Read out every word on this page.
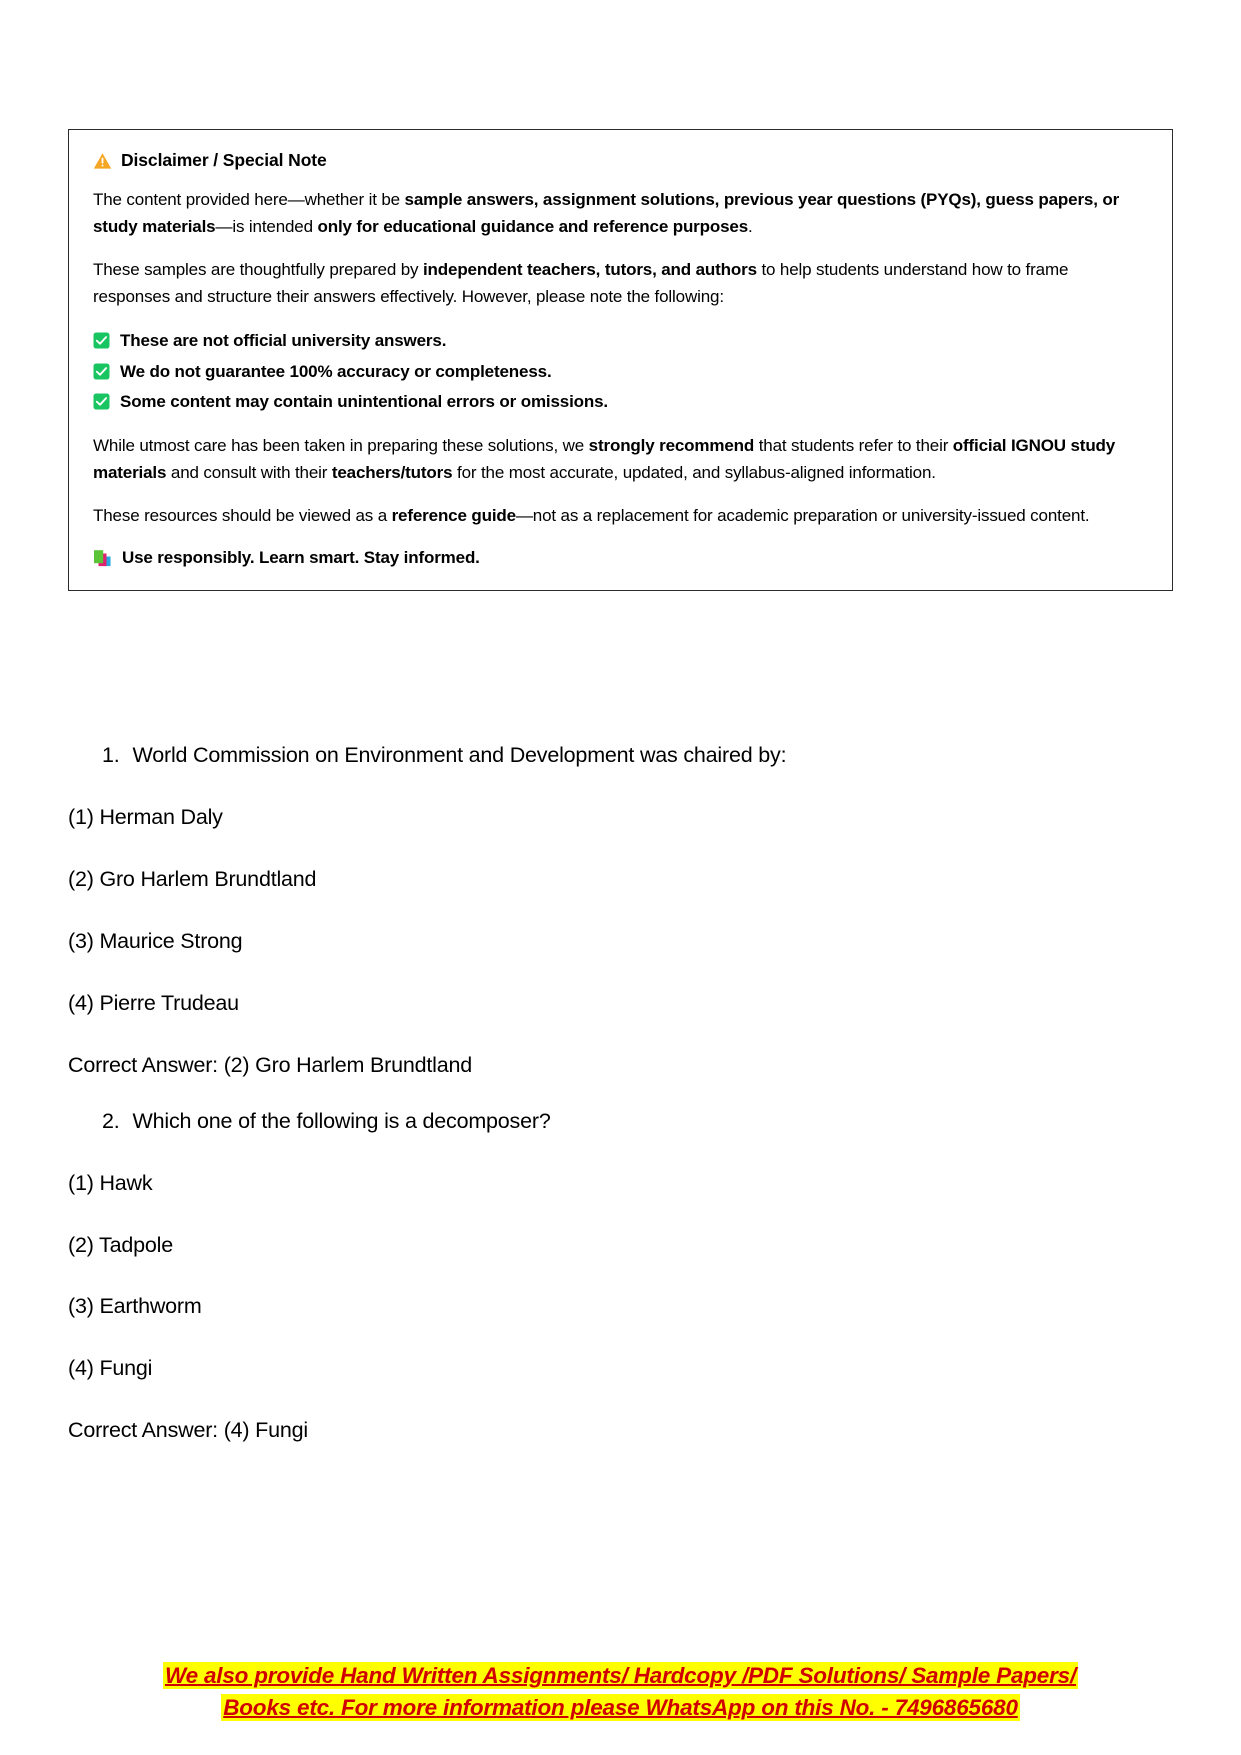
Disclaimer / Special Note

The content provided here—whether it be sample answers, assignment solutions, previous year questions (PYQs), guess papers, or study materials—is intended only for educational guidance and reference purposes.

These samples are thoughtfully prepared by independent teachers, tutors, and authors to help students understand how to frame responses and structure their answers effectively. However, please note the following:

These are not official university answers.
We do not guarantee 100% accuracy or completeness.
Some content may contain unintentional errors or omissions.

While utmost care has been taken in preparing these solutions, we strongly recommend that students refer to their official IGNOU study materials and consult with their teachers/tutors for the most accurate, updated, and syllabus-aligned information.

These resources should be viewed as a reference guide—not as a replacement for academic preparation or university-issued content.

Use responsibly. Learn smart. Stay informed.
1. World Commission on Environment and Development was chaired by:
(1) Herman Daly
(2) Gro Harlem Brundtland
(3) Maurice Strong
(4) Pierre Trudeau
Correct Answer: (2) Gro Harlem Brundtland
2. Which one of the following is a decomposer?
(1) Hawk
(2) Tadpole
(3) Earthworm
(4) Fungi
Correct Answer: (4) Fungi
We also provide Hand Written Assignments/ Hardcopy /PDF Solutions/ Sample Papers/
Books etc. For more information please WhatsApp on this No. - 7496865680
